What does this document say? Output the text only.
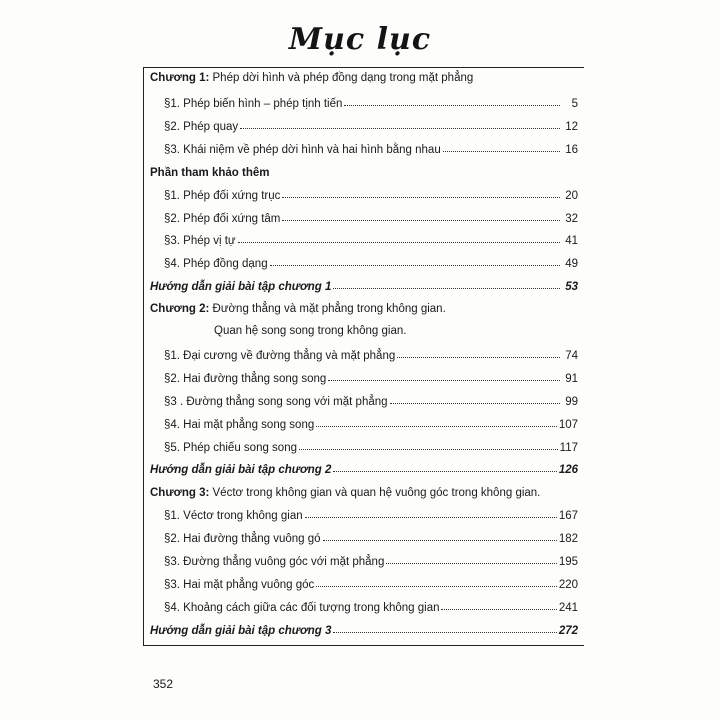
Mục lục
Chương 1: Phép dời hình và phép đồng dạng trong mặt phẳng
§1. Phép biến hình – phép tịnh tiến	5
§2. Phép quay	12
§3. Khái niệm về phép dời hình và hai hình bằng nhau	16
Phần tham khảo thêm
§1. Phép đối xứng trục	20
§2. Phép đối xứng tâm	32
§3. Phép vị tự	41
§4. Phép đồng dạng	49
Hướng dẫn giải bài tập chương 1	53
Chương 2: Đường thẳng và mặt phẳng trong không gian.
Quan hệ song song trong không gian.
§1. Đại cương về đường thẳng và mặt phẳng	74
§2. Hai đường thẳng song song	91
§3 . Đường thẳng song song với mặt phẳng	99
§4. Hai mặt phẳng song song	107
§5. Phép chiếu song song	117
Hướng dẫn giải bài tập chương 2	126
Chương 3: Véctơ trong không gian và quan hệ vuông góc trong không gian.
§1. Véctơ trong không gian	167
§2. Hai đường thẳng vuông gó	182
§3. Đường thẳng vuông góc với mặt phẳng	195
§3. Hai mặt phẳng vuông góc	220
§4. Khoảng cách giữa các đối tượng trong không gian	241
Hướng dẫn giải bài tập chương 3	272
352
